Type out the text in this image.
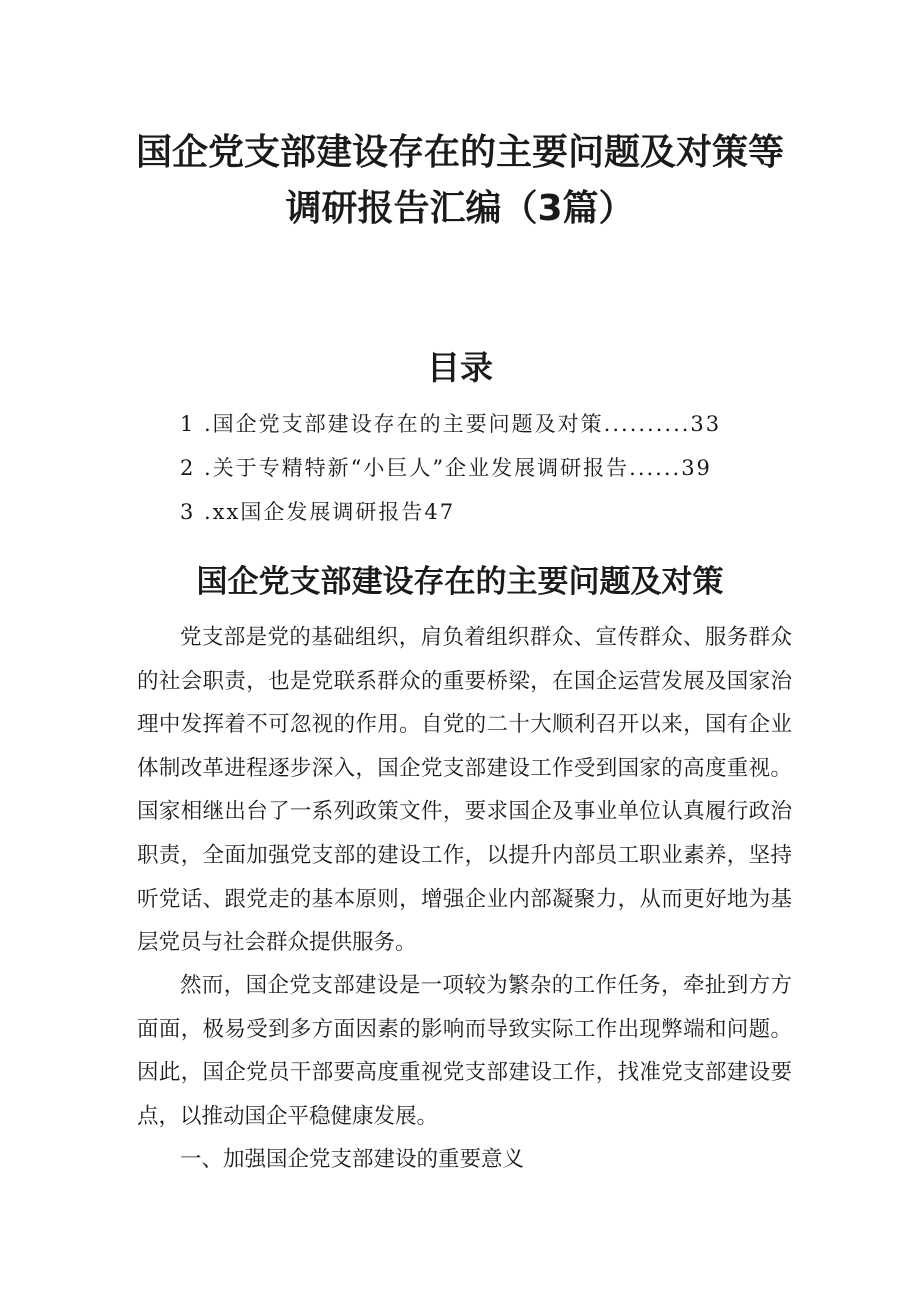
国企党支部建设存在的主要问题及对策等
调研报告汇编（3篇）
目录
1 .国企党支部建设存在的主要问题及对策..........33
2 .关于专精特新“小巨人”企业发展调研报告......39
3 .xx国企发展调研报告47
国企党支部建设存在的主要问题及对策

党支部是党的基础组织，肩负着组织群众、宣传群众、服务群众的社会职责，也是党联系群众的重要桥梁，在国企运营发展及国家治理中发挥着不可忽视的作用。自党的二十大顺利召开以来，国有企业体制改革进程逐步深入，国企党支部建设工作受到国家的高度重视。国家相继出台了一系列政策文件，要求国企及事业单位认真履行政治职责，全面加强党支部的建设工作，以提升内部员工职业素养，坚持听党话、跟党走的基本原则，增强企业内部凝聚力，从而更好地为基层党员与社会群众提供服务。

然而，国企党支部建设是一项较为繁杂的工作任务，牵扯到方方面面，极易受到多方面因素的影响而导致实际工作出现弊端和问题。因此，国企党员干部要高度重视党支部建设工作，找准党支部建设要点，以推动国企平稳健康发展。

一、加强国企党支部建设的重要意义
